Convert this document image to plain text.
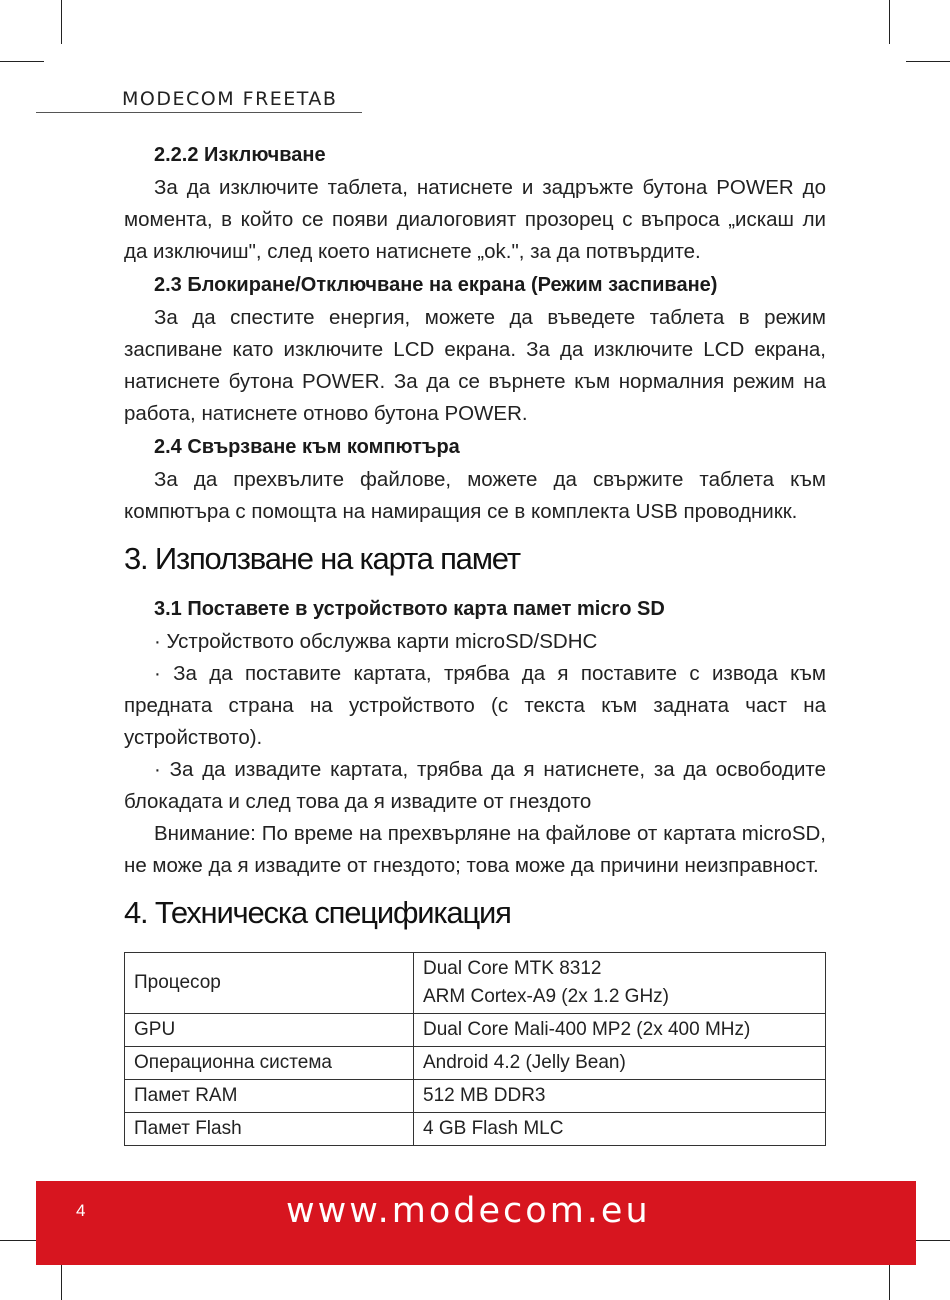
MODECOM FREETAB
2.2.2 Изключване

За да изключите таблета, натиснете и задръжте бутона POWER до момента, в който се появи диалоговият прозорец с въпроса „искаш ли да изключиш", след което натиснете „ok.", за да потвърдите.

2.3 Блокиране/Отключване на екрана (Режим заспиване)

За да спестите енергия, можете да въведете таблета в режим заспиване като изключите LCD екрана. За да изключите LCD екрана, натиснете бутона POWER. За да се върнете към нормалния режим на работа, натиснете отново бутона POWER.

2.4 Свързване към компютъра

За да прехвълите файлове, можете да свържите таблета към компютъра с помощта на намиращия се в комплекта USB проводникк.

3. Използване на карта памет
3.1 Поставете в устройството карта памет micro SD

· Устройството обслужва карти microSD/SDHC

· За да поставите картата, трябва да я поставите с извода към предната страна на устройството (с текста към задната част на устройството).

· За да извадите картата, трябва да я натиснете, за да освободите блокадата и след това да я извадите от гнездото

Внимание: По време на прехвърляне на файлове от картата microSD, не може да я извадите от гнездото; това може да причини неизправност.

4. Техническа спецификация
Процесор	Dual Core MTK 8312
ARM Cortex-A9 (2x 1.2 GHz)

GPU	Dual Core Mali-400 MP2 (2x 400 MHz)
Операционна система	Android 4.2 (Jelly Bean)
Памет RAM	512 MB DDR3
Памет Flash	4 GB Flash MLC
4	www.modecom.eu
